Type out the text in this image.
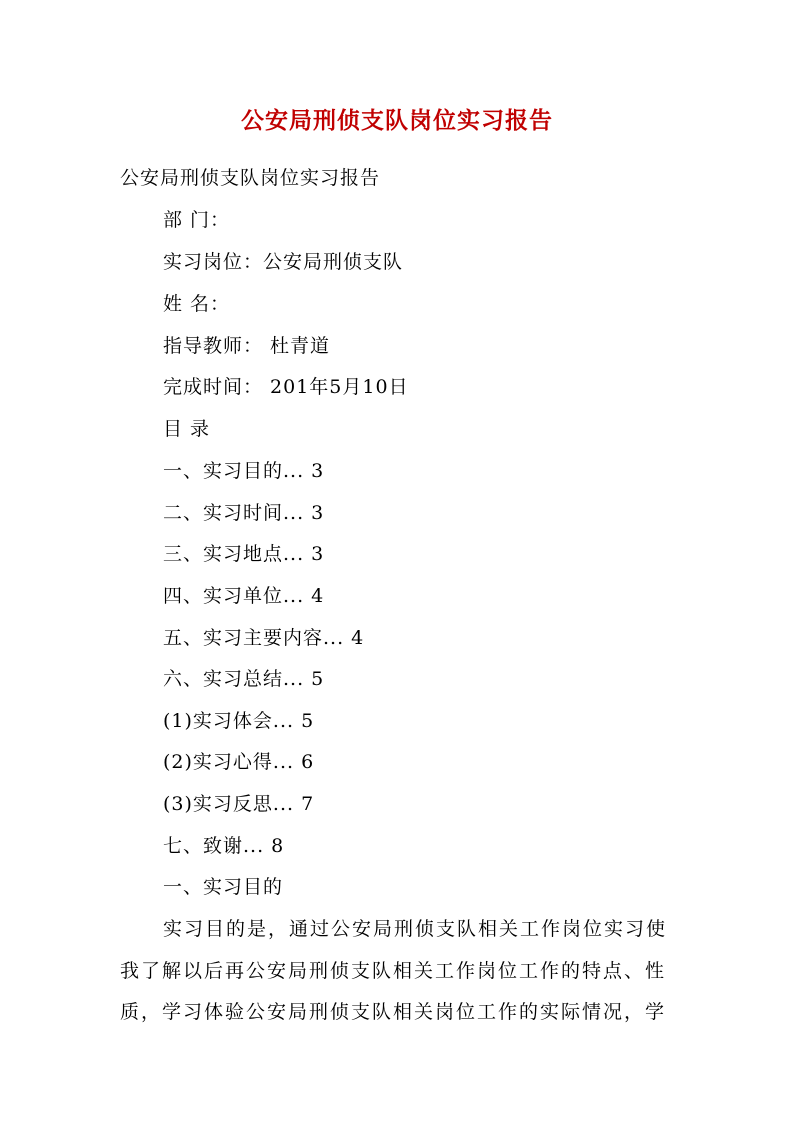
公安局刑侦支队岗位实习报告
公安局刑侦支队岗位实习报告
部 门：
实习岗位：公安局刑侦支队
姓 名：
指导教师： 杜青道
完成时间： 201年5月10日
目 录
一、实习目的... 3
二、实习时间... 3
三、实习地点... 3
四、实习单位... 4
五、实习主要内容... 4
六、实习总结... 5
(1)实习体会... 5
(2)实习心得... 6
(3)实习反思... 7
七、致谢... 8
一、实习目的
实习目的是，通过公安局刑侦支队相关工作岗位实习使
我了解以后再公安局刑侦支队相关工作岗位工作的特点、性
质，学习体验公安局刑侦支队相关岗位工作的实际情况，学
